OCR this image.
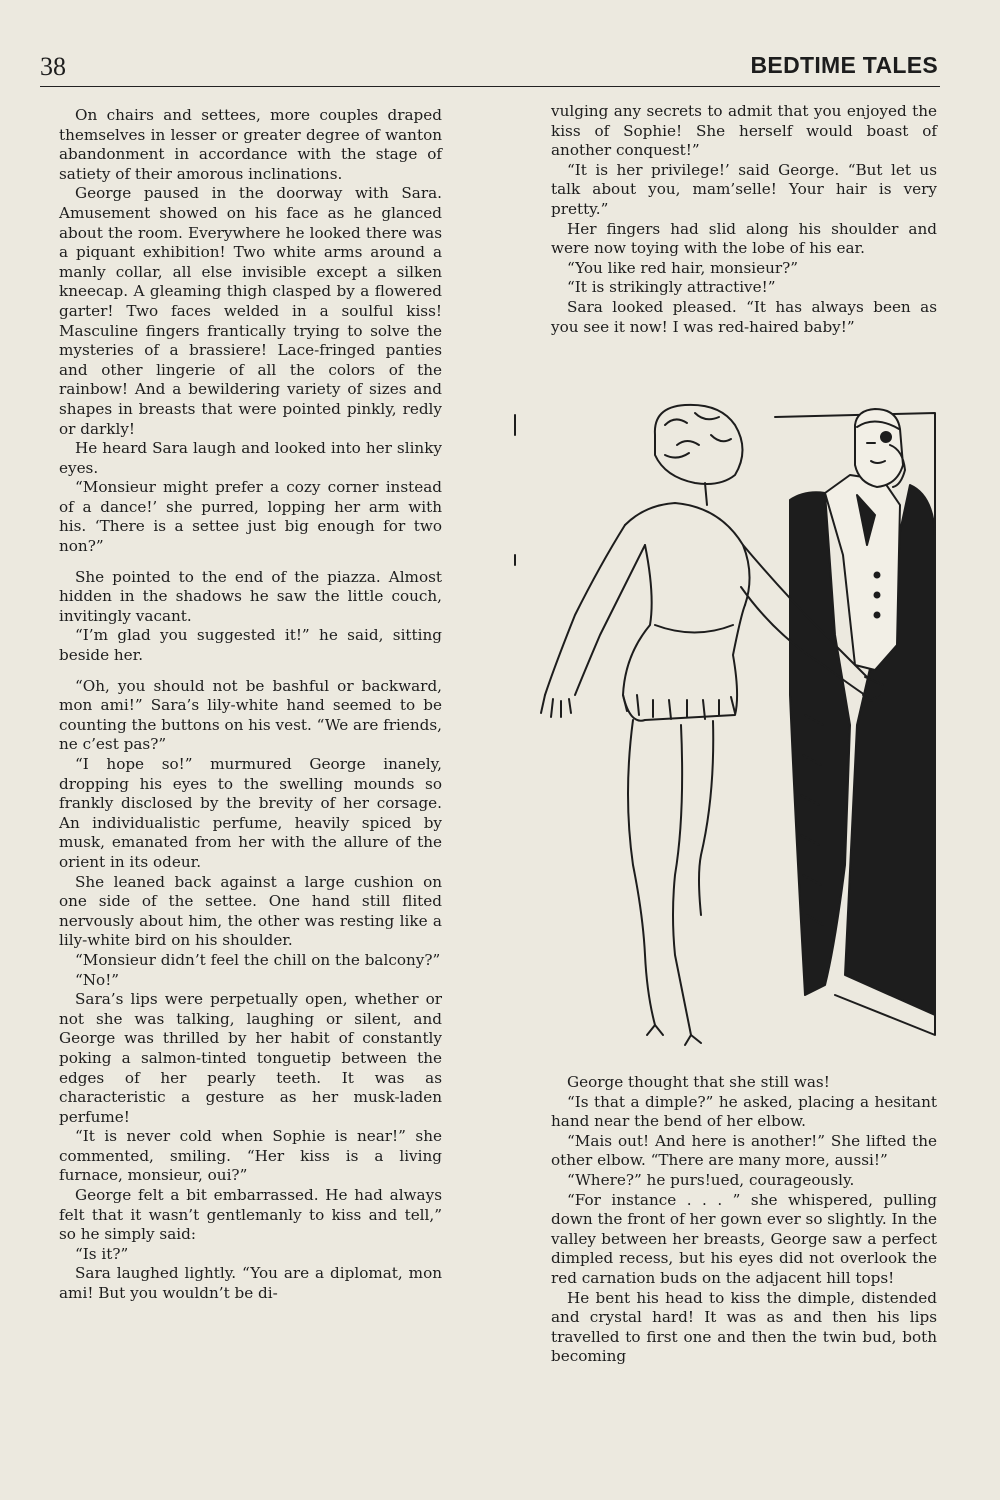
38	BEDTIME TALES

On chairs and settees, more couples draped themselves in lesser or greater degree of wanton abandonment in accordance with the stage of satiety of their amorous inclinations.

George paused in the doorway with Sara. Amusement showed on his face as he glanced about the room. Everywhere he looked there was a piquant exhibition! Two white arms around a manly collar, all else invisible except a silken kneecap. A gleaming thigh clasped by a flowered garter! Two faces welded in a soulful kiss! Masculine fingers frantically trying to solve the mysteries of a brassiere! Lace-fringed panties and other lingerie of all the colors of the rainbow! And a bewildering variety of sizes and shapes in breasts that were pointed pinkly, redly or darkly!

He heard Sara laugh and looked into her slinky eyes.

“Monsieur might prefer a cozy corner instead of a dance!’ she purred, lopping her arm with his. ‘There is a settee just big enough for two non?”

She pointed to the end of the piazza. Almost hidden in the shadows he saw the little couch, invitingly vacant.

“I’m glad you suggested it!” he said, sitting beside her.

“Oh, you should not be bashful or backward, mon ami!” Sara’s lily-white hand seemed to be counting the buttons on his vest. “We are friends, ne c’est pas?”

“I hope so!” murmured George inanely, dropping his eyes to the swelling mounds so frankly disclosed by the brevity of her corsage. An individualistic perfume, heavily spiced by musk, emanated from her with the allure of the orient in its odeur.

She leaned back against a large cushion on one side of the settee. One hand still flited nervously about him, the other was resting like a lily-white bird on his shoulder.

“Monsieur didn’t feel the chill on the balcony?”

“No!”

Sara’s lips were perpetually open, whether or not she was talking, laughing or silent, and George was thrilled by her habit of constantly poking a salmon-tinted tonguetip between the edges of her pearly teeth. It was as characteristic a gesture as her musk-laden perfume!

“It is never cold when Sophie is near!” she commented, smiling. “Her kiss is a living furnace, monsieur, oui?”

George felt a bit embarrassed. He had always felt that it wasn’t gentlemanly to kiss and tell,” so he simply said:

“Is it?”

Sara laughed lightly. “You are a diplomat, mon ami! But you wouldn’t be di-

vulging any secrets to admit that you enjoyed the kiss of Sophie! She herself would boast of another conquest!”

“It is her privilege!’ said George. “But let us talk about you, mam’selle! Your hair is very pretty.”

Her fingers had slid along his shoulder and were now toying with the lobe of his ear.

“You like red hair, monsieur?”

“It is strikingly attractive!”

Sara looked pleased. “It has always been as you see it now! I was red-haired baby!”

George thought that she still was!

“Is that a dimple?” he asked, placing a hesitant hand near the bend of her elbow.

“Mais out! And here is another!” She lifted the other elbow. “There are many more, aussi!”

“Where?” he purs!ued, courageously.

“For instance . . . ” she whispered, pulling down the front of her gown ever so slightly. In the valley between her breasts, George saw a perfect dimpled recess, but his eyes did not overlook the red carnation buds on the adjacent hill tops!

He bent his head to kiss the dimple, distended and crystal hard! It was as and then his lips travelled to first one and then the twin bud, both becoming
